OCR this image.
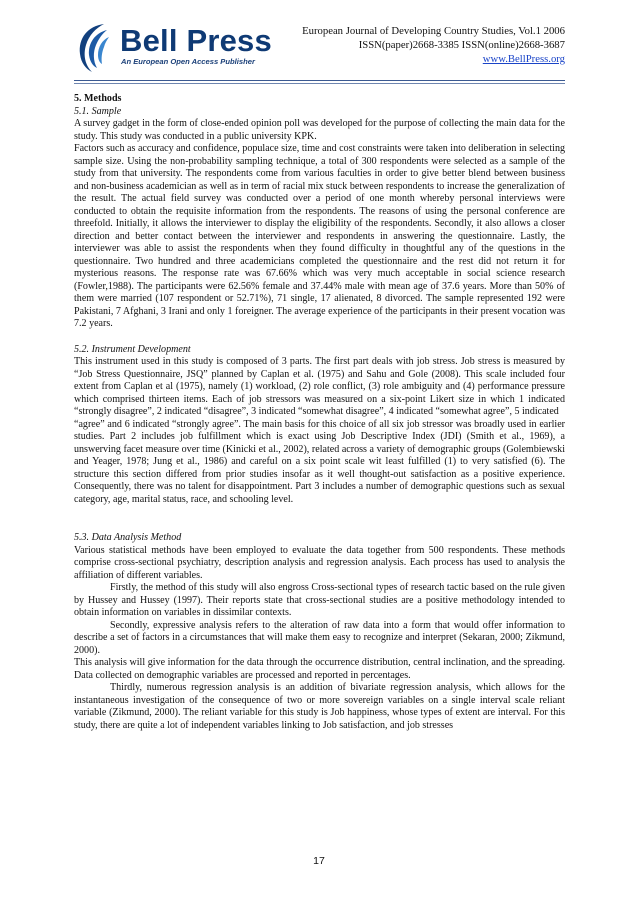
Bell Press
An European Open Access Publisher
European Journal of Developing Country Studies, Vol.1 2006
ISSN(paper)2668-3385 ISSN(online)2668-3687
www.BellPress.org

5. Methods

5.1. Sample

A survey gadget in the form of close-ended opinion poll was developed for the purpose of collecting the main data for the study. This study was conducted in a public university KPK.

Factors such as accuracy and confidence, populace size, time and cost constraints were taken into deliberation in selecting sample size. Using the non-probability sampling technique, a total of 300 respondents were selected as a sample of the study from that university. The respondents come from various faculties in order to give better blend between business and non-business academician as well as in term of racial mix stuck between respondents to increase the generalization of the result. The actual field survey was conducted over a period of one month whereby personal interviews were conducted to obtain the requisite information from the respondents. The reasons of using the personal conference are threefold. Initially, it allows the interviewer to display the eligibility of the respondents. Secondly, it also allows a closer direction and better contact between the interviewer and respondents in answering the questionnaire. Lastly, the interviewer was able to assist the respondents when they found difficulty in thoughtful any of the questions in the questionnaire. Two hundred and three academicians completed the questionnaire and the rest did not return it for mysterious reasons. The response rate was 67.66% which was very much acceptable in social science research (Fowler,1988). The participants were 62.56% female and 37.44% male with mean age of 37.6 years. More than 50% of them were married (107 respondent or 52.71%), 71 single, 17 alienated, 8 divorced. The sample represented 192 were Pakistani, 7 Afghani, 3 Irani and only 1 foreigner. The average experience of the participants in their present vocation was 7.2 years.

5.2. Instrument Development

This instrument used in this study is composed of 3 parts. The first part deals with job stress. Job stress is measured by “Job Stress Questionnaire, JSQ” planned by Caplan et al. (1975) and Sahu and Gole (2008). This scale included four extent from Caplan et al (1975), namely (1) workload, (2) role conflict, (3) role ambiguity and (4) performance pressure which comprised thirteen items. Each of job stressors was measured on a six-point Likert size in which 1 indicated “strongly disagree”, 2 indicated “disagree”, 3 indicated “somewhat disagree”, 4 indicated “somewhat agree”, 5 indicated

“agree” and 6 indicated “strongly agree”. The main basis for this choice of all six job stressor was broadly used in earlier studies. Part 2 includes job fulfillment which is exact using Job Descriptive Index (JDI) (Smith et al., 1969), a unswerving facet measure over time (Kinicki et al., 2002), related across a variety of demographic groups (Golembiewski and Yeager, 1978; Jung et al., 1986) and careful on a six point scale wit least fulfilled (1) to very satisfied (6). The structure this section differed from prior studies insofar as it well thought-out satisfaction as a positive experience. Consequently, there was no talent for disappointment. Part 3 includes a number of demographic questions such as sexual category, age, marital status, race, and schooling level.

5.3. Data Analysis Method

Various statistical methods have been employed to evaluate the data together from 500 respondents. These methods comprise cross-sectional psychiatry, description analysis and regression analysis. Each process has used to analysis the affiliation of different variables.

Firstly, the method of this study will also engross Cross-sectional types of research tactic based on the rule given by Hussey and Hussey (1997). Their reports state that cross-sectional studies are a positive methodology intended to obtain information on variables in dissimilar contexts.

Secondly, expressive analysis refers to the alteration of raw data into a form that would offer information to describe a set of factors in a circumstances that will make them easy to recognize and interpret (Sekaran, 2000; Zikmund, 2000).

This analysis will give information for the data through the occurrence distribution, central inclination, and the spreading. Data collected on demographic variables are processed and reported in percentages.

Thirdly, numerous regression analysis is an addition of bivariate regression analysis, which allows for the instantaneous investigation of the consequence of two or more sovereign variables on a single interval scale reliant variable (Zikmund, 2000). The reliant variable for this study is Job happiness, whose types of extent are interval. For this study, there are quite a lot of independent variables linking to Job satisfaction, and job stresses

17
